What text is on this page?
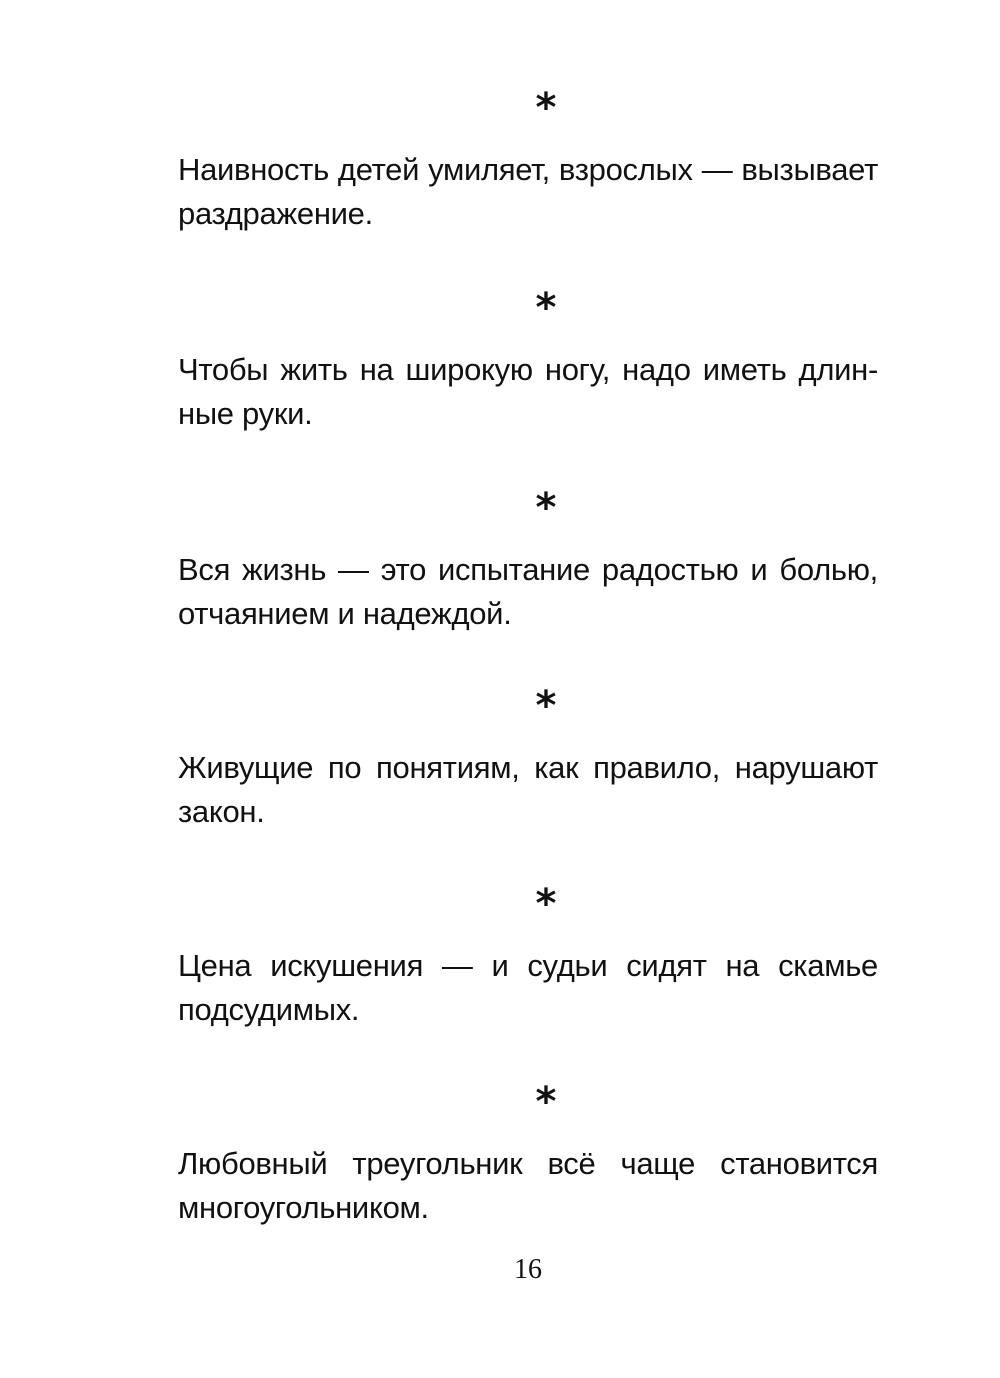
*
Наивность детей умиляет, взрослых — вызывает раздражение.
*
Чтобы жить на широкую ногу, надо иметь длин-ные руки.
*
Вся жизнь — это испытание радостью и болью, отчаянием и надеждой.
*
Живущие по понятиям, как правило, нарушают закон.
*
Цена искушения — и судьи сидят на скамье подсудимых.
*
Любовный треугольник всё чаще становится многоугольником.
16
